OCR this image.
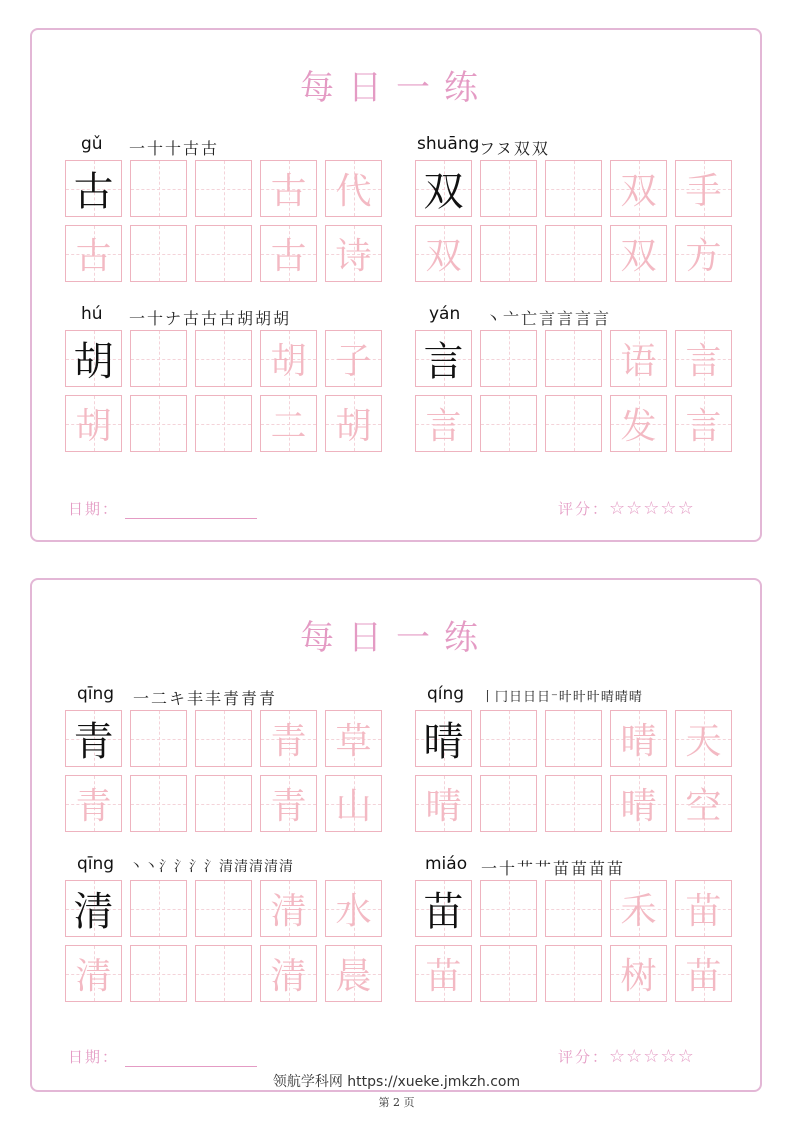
每日一练
gǔ 一十十古古
古	古 代
古	古 诗
shuāng フヌ双双
双	双 手
双	双 方
hú 一十ナ古古古胡胡胡
胡	胡 子
胡	二 胡
yán 丶亠亡言言言言
言	语 言
言	发 言
日期：	评分：☆☆☆☆☆
每日一练
qīng 一二キ丰丰青青青
青	青 草
青	青 山
qíng 丨冂日日日⁻旪旪旪晴晴晴
晴	晴 天
晴	晴 空
qīng 丶丶氵氵氵氵清清清清清
清	清 水
清	清 晨
miáo 一十艹艹苗苗苗苗
苗	禾 苗
苗	树 苗
日期：	评分：☆☆☆☆☆
领航学科网 https://xueke.jmkzh.com
第 2 页
